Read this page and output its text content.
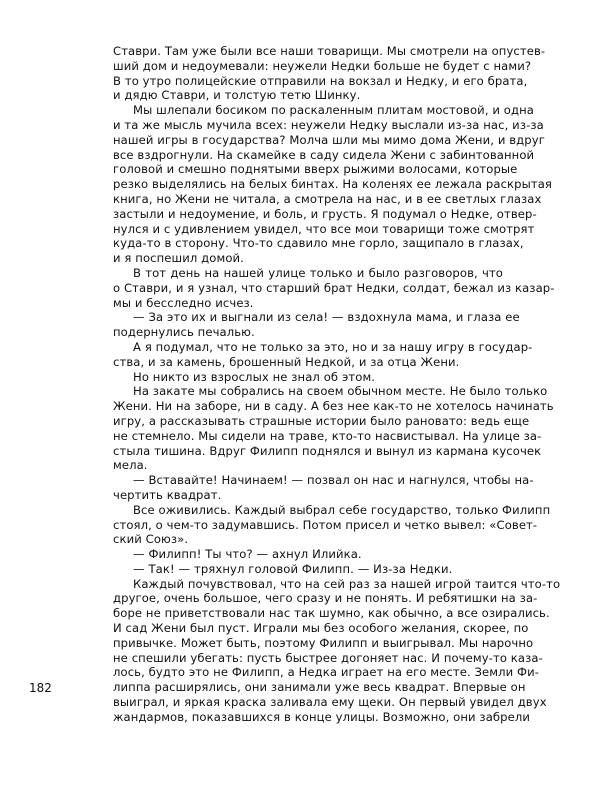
Ставри. Там уже были все наши товарищи. Мы смотрели на опустев-
ший дом и недоумевали: неужели Недки больше не будет с нами?
В то утро полицейские отправили на вокзал и Недку, и его брата,
и дядю Ставри, и толстую тетю Шинку.
Мы шлепали босиком по раскаленным плитам мостовой, и одна
и та же мысль мучила всех: неужели Недку выслали из-за нас, из-за
нашей игры в государства? Молча шли мы мимо дома Жени, и вдруг
все вздрогнули. На скамейке в саду сидела Жени с забинтованной
головой и смешно поднятыми вверх рыжими волосами, которые
резко выделялись на белых бинтах. На коленях ее лежала раскрытая
книга, но Жени не читала, а смотрела на нас, и в ее светлых глазах
застыли и недоумение, и боль, и грусть. Я подумал о Недке, отвер-
нулся и с удивлением увидел, что все мои товарищи тоже смотрят
куда-то в сторону. Что-то сдавило мне горло, защипало в глазах,
и я поспешил домой.
В тот день на нашей улице только и было разговоров, что
о Ставри, и я узнал, что старший брат Недки, солдат, бежал из казар-
мы и бесследно исчез.
— За это их и выгнали из села! — вздохнула мама, и глаза ее
подернулись печалью.
А я подумал, что не только за это, но и за нашу игру в государ-
ства, и за камень, брошенный Недкой, и за отца Жени.
Но никто из взрослых не знал об этом.
На закате мы собрались на своем обычном месте. Не было только
Жени. Ни на заборе, ни в саду. А без нее как-то не хотелось начинать
игру, а рассказывать страшные истории было рановато: ведь еще
не стемнело. Мы сидели на траве, кто-то насвистывал. На улице за-
стыла тишина. Вдруг Филипп поднялся и вынул из кармана кусочек
мела.
— Вставайте! Начинаем! — позвал он нас и нагнулся, чтобы на-
чертить квадрат.
Все оживились. Каждый выбрал себе государство, только Филипп
стоял, о чем-то задумавшись. Потом присел и четко вывел: «Совет-
ский Союз».
— Филипп! Ты что? — ахнул Илийка.
— Так! — тряхнул головой Филипп. — Из-за Недки.
Каждый почувствовал, что на сей раз за нашей игрой таится что-то
другое, очень большое, чего сразу и не понять. И ребятишки на за-
боре не приветствовали нас так шумно, как обычно, а все озирались.
И сад Жени был пуст. Играли мы без особого желания, скорее, по
привычке. Может быть, поэтому Филипп и выигрывал. Мы нарочно
не спешили убегать: пусть быстрее догоняет нас. И почему-то каза-
лось, будто это не Филипп, а Недка играет на его месте. Земли Фи-
липпа расширялись, они занимали уже весь квадрат. Впервые он
выиграл, и яркая краска заливала ему щеки. Он первый увидел двух
жандармов, показавшихся в конце улицы. Возможно, они забрели
182
